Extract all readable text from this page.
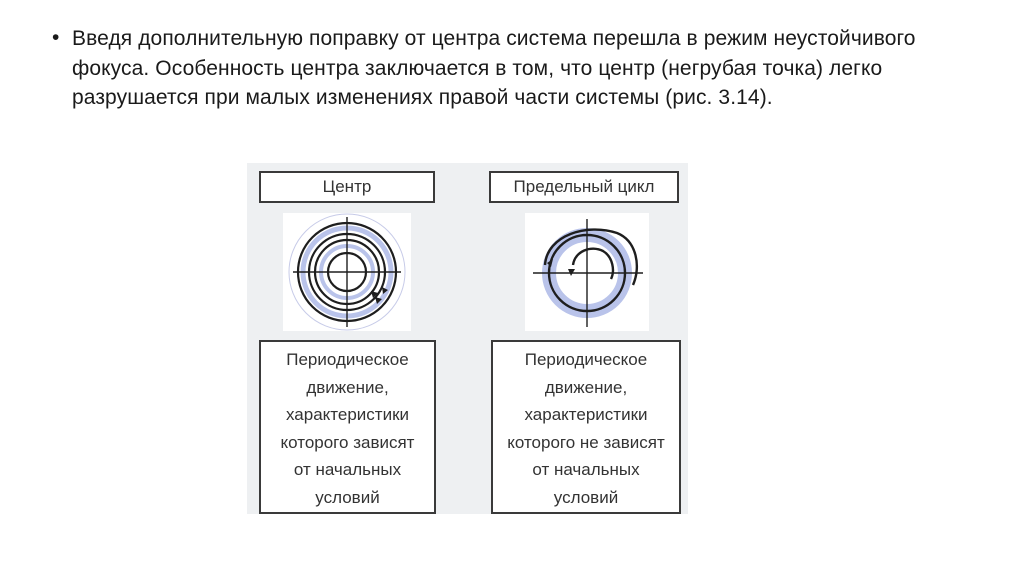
• Введя дополнительную поправку от центра система перешла в режим неустойчивого фокуса. Особенность центра заключается в том, что центр (негрубая точка) легко разрушается при малых изменениях правой части системы (рис. 3.14).
Центр	Предельный цикл
Периодическое
движение,
характеристики
которого зависят
от начальных
условий
Периодическое
движение,
характеристики
которого не зависят
от начальных
условий
